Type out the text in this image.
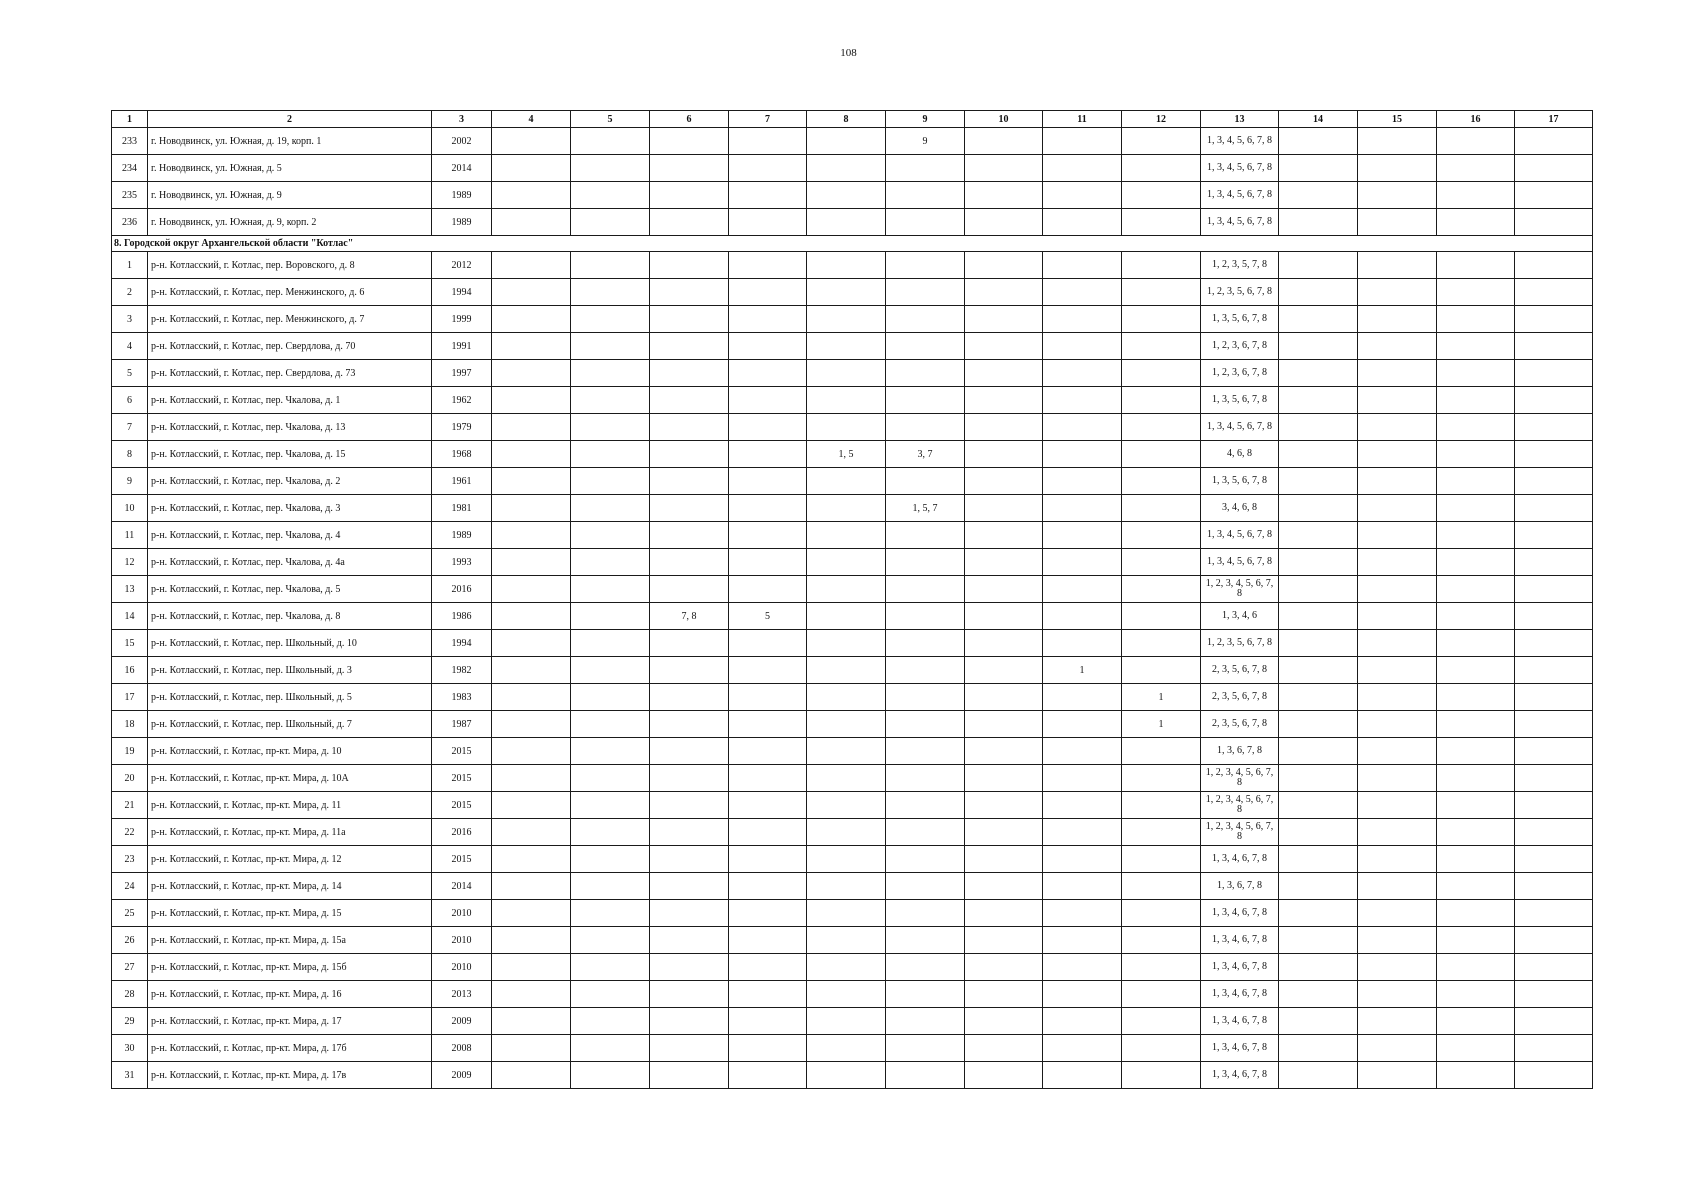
108
1	2	3	4	5	6	7	8	9	10	11	12	13	14	15	16	17
233	г. Новодвинск, ул. Южная, д. 19, корп. 1	2002						9				1, 3, 4, 5, 6, 7, 8				
234	г. Новодвинск, ул. Южная, д. 5	2014										1, 3, 4, 5, 6, 7, 8				
235	г. Новодвинск, ул. Южная, д. 9	1989										1, 3, 4, 5, 6, 7, 8				
236	г. Новодвинск, ул. Южная, д. 9, корп. 2	1989										1, 3, 4, 5, 6, 7, 8				
8. Городской округ Архангельской области "Котлас"																
1	р-н. Котласский, г. Котлас, пер. Воровского, д. 8	2012										1, 2, 3, 5, 7, 8				
2	р-н. Котласский, г. Котлас, пер. Менжинского, д. 6	1994										1, 2, 3, 5, 6, 7, 8				
3	р-н. Котласский, г. Котлас, пер. Менжинского, д. 7	1999										1, 3, 5, 6, 7, 8				
4	р-н. Котласский, г. Котлас, пер. Свердлова, д. 70	1991										1, 2, 3, 6, 7, 8				
5	р-н. Котласский, г. Котлас, пер. Свердлова, д. 73	1997										1, 2, 3, 6, 7, 8				
6	р-н. Котласский, г. Котлас, пер. Чкалова, д. 1	1962										1, 3, 5, 6, 7, 8				
7	р-н. Котласский, г. Котлас, пер. Чкалова, д. 13	1979										1, 3, 4, 5, 6, 7, 8				
8	р-н. Котласский, г. Котлас, пер. Чкалова, д. 15	1968					1, 5	3, 7				4, 6, 8				
9	р-н. Котласский, г. Котлас, пер. Чкалова, д. 2	1961										1, 3, 5, 6, 7, 8				
10	р-н. Котласский, г. Котлас, пер. Чкалова, д. 3	1981						1, 5, 7				3, 4, 6, 8				
11	р-н. Котласский, г. Котлас, пер. Чкалова, д. 4	1989										1, 3, 4, 5, 6, 7, 8				
12	р-н. Котласский, г. Котлас, пер. Чкалова, д. 4а	1993										1, 3, 4, 5, 6, 7, 8				
13	р-н. Котласский, г. Котлас, пер. Чкалова, д. 5	2016										1, 2, 3, 4, 5, 6, 7, 8				
14	р-н. Котласский, г. Котлас, пер. Чкалова, д. 8	1986			7, 8	5						1, 3, 4, 6				
15	р-н. Котласский, г. Котлас, пер. Школьный, д. 10	1994										1, 2, 3, 5, 6, 7, 8				
16	р-н. Котласский, г. Котлас, пер. Школьный, д. 3	1982								1		2, 3, 5, 6, 7, 8				
17	р-н. Котласский, г. Котлас, пер. Школьный, д. 5	1983									1	2, 3, 5, 6, 7, 8				
18	р-н. Котласский, г. Котлас, пер. Школьный, д. 7	1987									1	2, 3, 5, 6, 7, 8				
19	р-н. Котласский, г. Котлас, пр-кт. Мира, д. 10	2015										1, 3, 6, 7, 8				
20	р-н. Котласский, г. Котлас, пр-кт. Мира, д. 10А	2015										1, 2, 3, 4, 5, 6, 7, 8				
21	р-н. Котласский, г. Котлас, пр-кт. Мира, д. 11	2015										1, 2, 3, 4, 5, 6, 7, 8				
22	р-н. Котласский, г. Котлас, пр-кт. Мира, д. 11а	2016										1, 2, 3, 4, 5, 6, 7, 8				
23	р-н. Котласский, г. Котлас, пр-кт. Мира, д. 12	2015										1, 3, 4, 6, 7, 8				
24	р-н. Котласский, г. Котлас, пр-кт. Мира, д. 14	2014										1, 3, 6, 7, 8				
25	р-н. Котласский, г. Котлас, пр-кт. Мира, д. 15	2010										1, 3, 4, 6, 7, 8				
26	р-н. Котласский, г. Котлас, пр-кт. Мира, д. 15а	2010										1, 3, 4, 6, 7, 8				
27	р-н. Котласский, г. Котлас, пр-кт. Мира, д. 15б	2010										1, 3, 4, 6, 7, 8				
28	р-н. Котласский, г. Котлас, пр-кт. Мира, д. 16	2013										1, 3, 4, 6, 7, 8				
29	р-н. Котласский, г. Котлас, пр-кт. Мира, д. 17	2009										1, 3, 4, 6, 7, 8				
30	р-н. Котласский, г. Котлас, пр-кт. Мира, д. 17б	2008										1, 3, 4, 6, 7, 8				
31	р-н. Котласский, г. Котлас, пр-кт. Мира, д. 17в	2009										1, 3, 4, 6, 7, 8				
